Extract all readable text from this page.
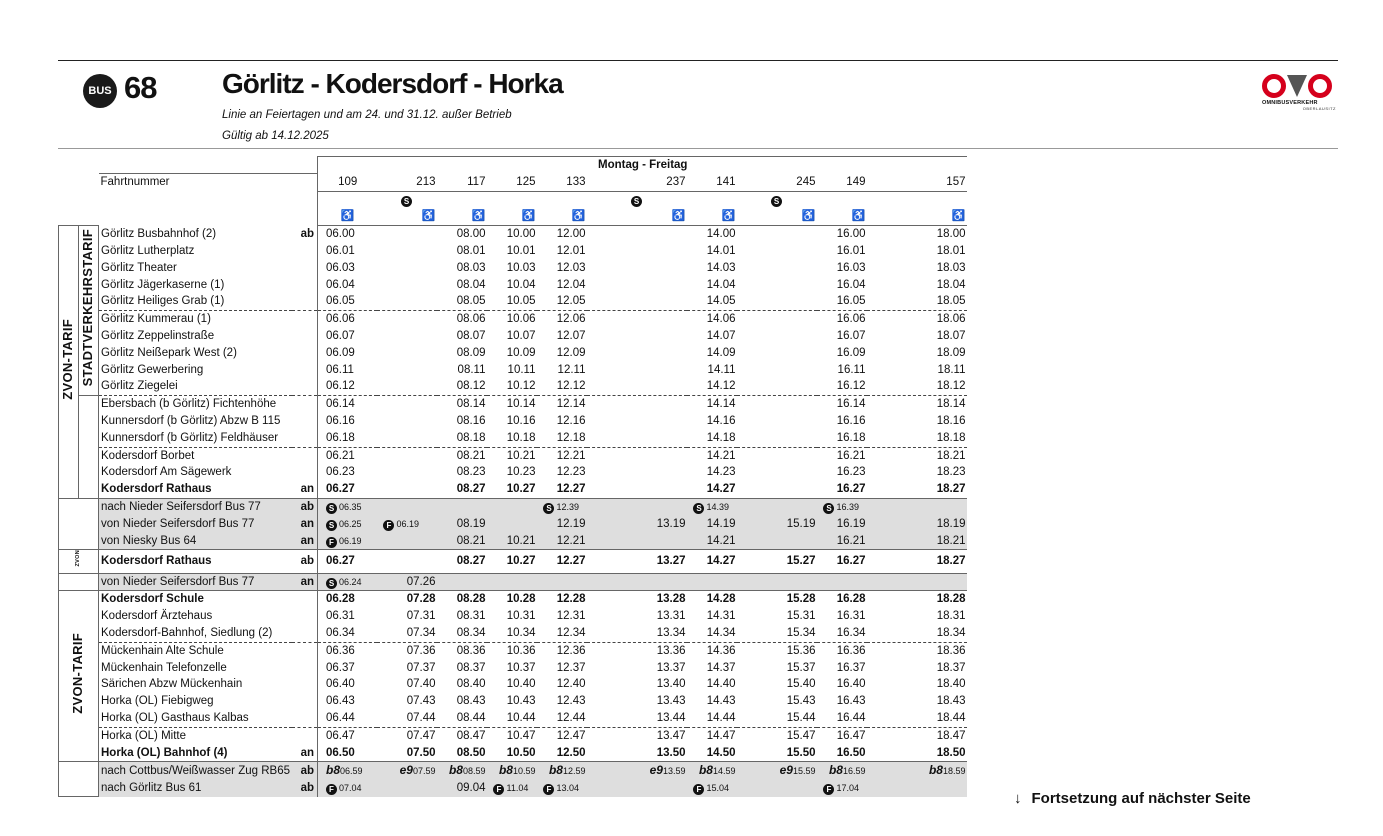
BUS 68 Görlitz - Kodersdorf - Horka
Linie an Feiertagen und am 24. und 31.12. außer Betrieb
Gültig ab 14.12.2025
OMNIBUSVERKEHR
OBERLAUSITZ
				Montag - Freitag									
		Fahrtnummer		109	213	117	125	133	237	141	245	149	157
					S				S		S		
				♿	♿	♿	♿	♿	♿	♿	♿	♿	♿
ZVON-TARIF	STADTVERKEHRSTARIF	Görlitz Busbahnhof (2)	ab	06.00		08.00	10.00	12.00		14.00		16.00	18.00
		Görlitz Lutherplatz		06.01		08.01	10.01	12.01		14.01		16.01	18.01
		Görlitz Theater		06.03		08.03	10.03	12.03		14.03		16.03	18.03
		Görlitz Jägerkaserne (1)		06.04		08.04	10.04	12.04		14.04		16.04	18.04
		Görlitz Heiliges Grab (1)		06.05		08.05	10.05	12.05		14.05		16.05	18.05
		Görlitz Kummerau (1)		06.06		08.06	10.06	12.06		14.06		16.06	18.06
		Görlitz Zeppelinstraße		06.07		08.07	10.07	12.07		14.07		16.07	18.07
		Görlitz Neißepark West (2)		06.09		08.09	10.09	12.09		14.09		16.09	18.09
		Görlitz Gewerbering		06.11		08.11	10.11	12.11		14.11		16.11	18.11
		Görlitz Ziegelei		06.12		08.12	10.12	12.12		14.12		16.12	18.12
		Ebersbach (b Görlitz) Fichtenhöhe		06.14		08.14	10.14	12.14		14.14		16.14	18.14
		Kunnersdorf (b Görlitz) Abzw B 115		06.16		08.16	10.16	12.16		14.16		16.16	18.16
		Kunnersdorf (b Görlitz) Feldhäuser		06.18		08.18	10.18	12.18		14.18		16.18	18.18
		Kodersdorf Borbet		06.21		08.21	10.21	12.21		14.21		16.21	18.21
		Kodersdorf Am Sägewerk		06.23		08.23	10.23	12.23		14.23		16.23	18.23
		Kodersdorf Rathaus	an	06.27		08.27	10.27	12.27		14.27		16.27	18.27
		nach Nieder Seifersdorf Bus 77	ab	S 06.35				S 12.39		S 14.39		S 16.39	
		von Nieder Seifersdorf Bus 77	an	S 06.25	F 06.19	08.19		12.19	13.19	14.19	15.19	16.19	18.19
		von Niesky Bus 64	an	F 06.19		08.21	10.21	12.21		14.21		16.21	18.21
ZVON		Kodersdorf Rathaus	ab	06.27		08.27	10.27	12.27	13.27	14.27	15.27	16.27	18.27
		von Nieder Seifersdorf Bus 77	an	S 06.24	07.26								
ZVON-TARIF		Kodersdorf Schule		06.28	07.28	08.28	10.28	12.28	13.28	14.28	15.28	16.28	18.28
		Kodersdorf Ärztehaus		06.31	07.31	08.31	10.31	12.31	13.31	14.31	15.31	16.31	18.31
		Kodersdorf-Bahnhof, Siedlung (2)		06.34	07.34	08.34	10.34	12.34	13.34	14.34	15.34	16.34	18.34
		Mückenhain Alte Schule		06.36	07.36	08.36	10.36	12.36	13.36	14.36	15.36	16.36	18.36
		Mückenhain Telefonzelle		06.37	07.37	08.37	10.37	12.37	13.37	14.37	15.37	16.37	18.37
		Särichen Abzw Mückenhain		06.40	07.40	08.40	10.40	12.40	13.40	14.40	15.40	16.40	18.40
		Horka (OL) Fiebigweg		06.43	07.43	08.43	10.43	12.43	13.43	14.43	15.43	16.43	18.43
		Horka (OL) Gasthaus Kalbas		06.44	07.44	08.44	10.44	12.44	13.44	14.44	15.44	16.44	18.44
		Horka (OL) Mitte		06.47	07.47	08.47	10.47	12.47	13.47	14.47	15.47	16.47	18.47
		Horka (OL) Bahnhof (4)	an	06.50	07.50	08.50	10.50	12.50	13.50	14.50	15.50	16.50	18.50
		nach Cottbus/Weißwasser Zug RB65	ab	b806.59	e907.59	b808.59	b810.59	b812.59	e913.59	b814.59	e915.59	b816.59	b818.59
		nach Görlitz Bus 61	ab	F 07.04		09.04	F 11.04	F 13.04		F 15.04		F 17.04	
↓ Fortsetzung auf nächster Seite
